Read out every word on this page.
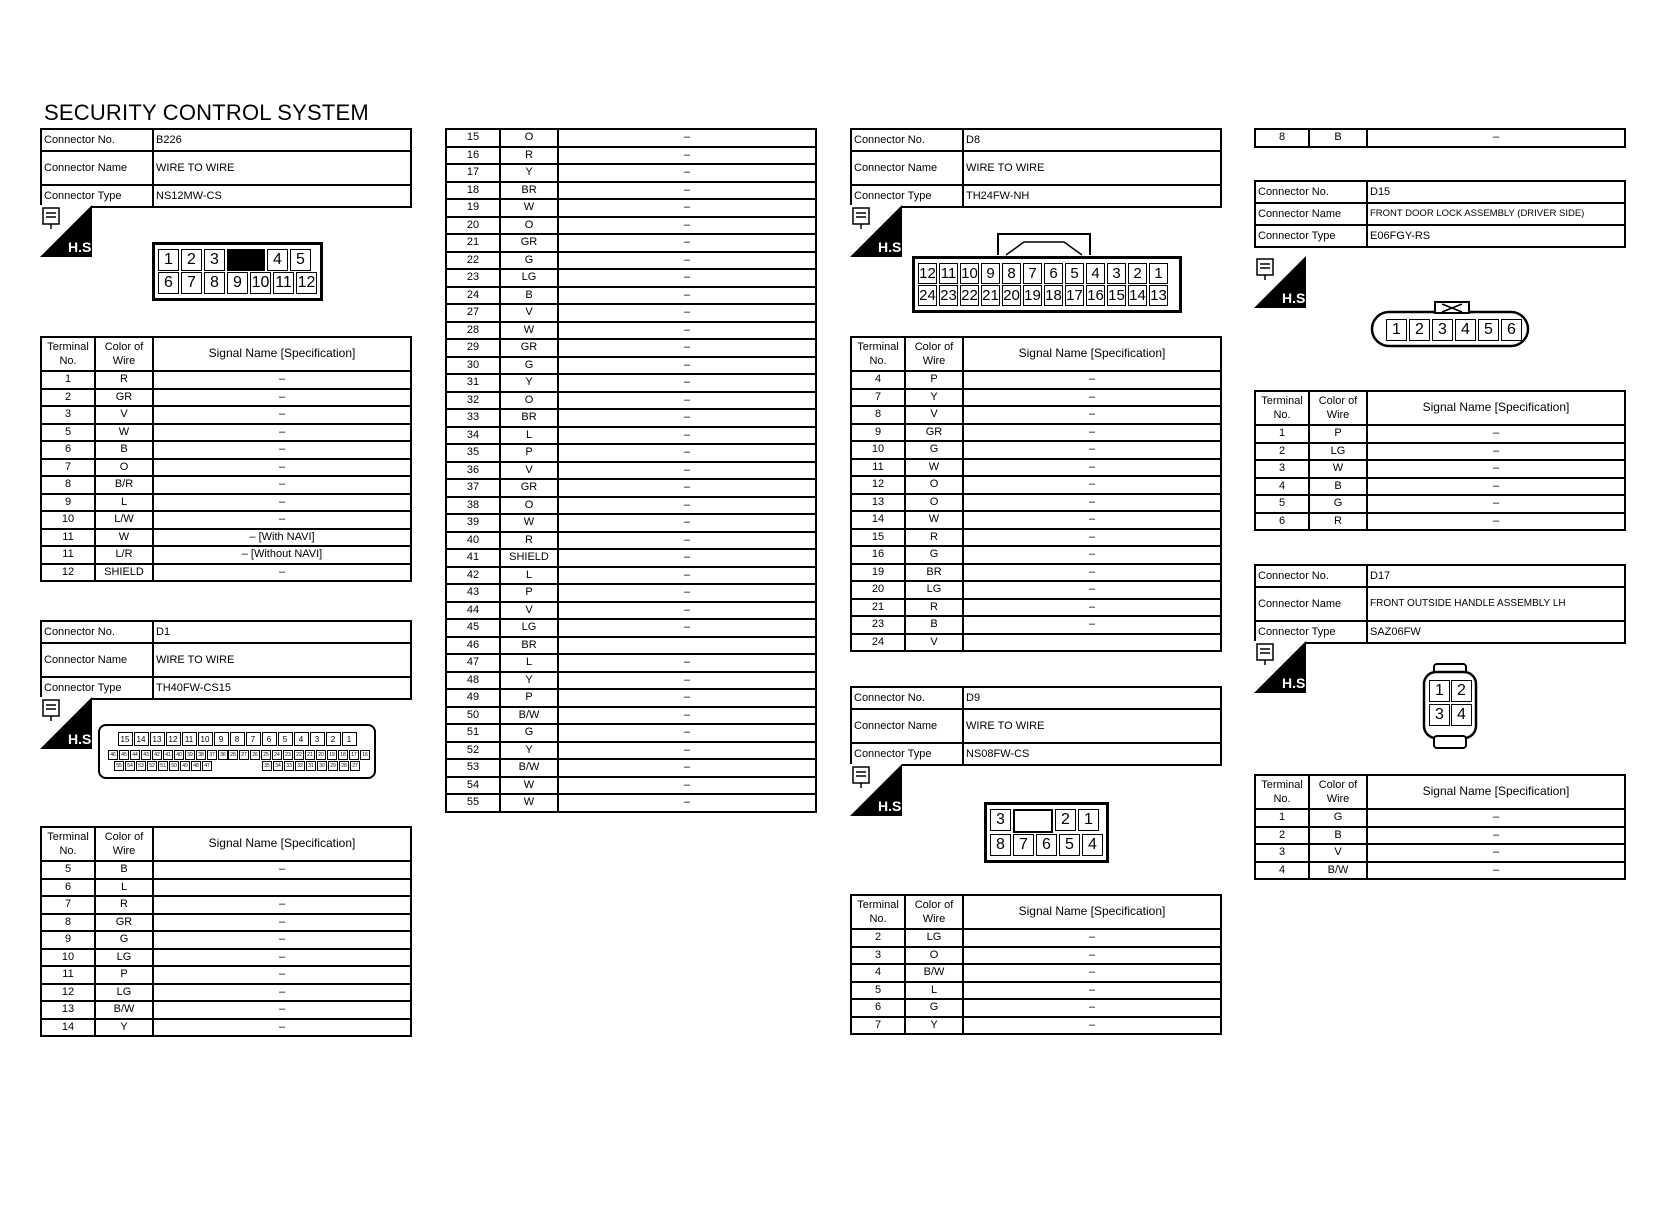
SECURITY CONTROL SYSTEM
Connector No.	B226
Connector Name	WIRE TO WIRE
Connector Type	NS12MW-CS
H.S.
1 2 3	4 5
6 7 8 9 10 11 12
Terminal No.	Color of Wire	Signal Name [Specification]
1	R	–
2	GR	–
3	V	–
5	W	–
6	B	–
7	O	–
8	B/R	–
9	L	–
10	L/W	–
11	W	– [With NAVI]
11	L/R	– [Without NAVI]
12	SHIELD	–
Connector No.	D1
Connector Name	WIRE TO WIRE
Connector Type	TH40FW-CS15
H.S.	15 14 13 12 11 10	9	8	7	6	5	4	3	2	1
46	45	44	43	42	41	40	39	38	37	36 28	27	26	25	24	23	22	21	20	19	18	17	16
55	54	53	52	51	50	49	48	47	35	34	33	32	31	30	29	28	27
Terminal No.	Color of Wire	Signal Name [Specification]
5	B	–
6	L	
7	R	–
8	GR	–
9	G	–
10	LG	–
11	P	–
12	LG	–
13	B/W	–
14	Y	–
15	O	–
16	R	–
17	Y	–
18	BR	–
19	W	–
20	O	–
21	GR	–
22	G	–
23	LG	–
24	B	–
27	V	–
28	W	–
29	GR	–
30	G	–
31	Y	–
32	O	–
33	BR	–
34	L	–
35	P	–
36	V	–
37	GR	–
38	O	–
39	W	–
40	R	–
41	SHIELD	–
42	L	–
43	P	–
44	V	–
45	LG	–
46	BR	
47	L	–
48	Y	–
49	P	–
50	B/W	–
51	G	–
52	Y	–
53	B/W	–
54	W	–
55	W	–
Connector No.	D8
Connector Name	WIRE TO WIRE
Connector Type	TH24FW-NH
H.S.
12 11 10 9 8 7 6 5 4 3 2 1
24 23 22 21 20 19 18 17 16 15 14 13
Terminal No.	Color of Wire	Signal Name [Specification]
4	P	–
7	Y	–
8	V	–
9	GR	–
10	G	–
11	W	–
12	O	–
13	O	–
14	W	–
15	R	–
16	G	–
19	BR	–
20	LG	–
21	R	–
23	B	–
24	V	
Connector No.	D9
Connector Name	WIRE TO WIRE
Connector Type	NS08FW-CS
H.S.
3	2 1
8 7 6 5 4
Terminal No.	Color of Wire	Signal Name [Specification]
2	LG	–
3	O	–
4	B/W	–
5	L	–
6	G	–
7	Y	–
8	B	–
Connector No.	D15
Connector Name	FRONT DOOR LOCK ASSEMBLY (DRIVER SIDE)
Connector Type	E06FGY-RS
H.S.
1 2 3 4 5 6
Terminal No.	Color of Wire	Signal Name [Specification]
1	P	–
2	LG	–
3	W	–
4	B	–
5	G	–
6	R	–
Connector No.	D17
Connector Name	FRONT OUTSIDE HANDLE ASSEMBLY LH
Connector Type	SAZ06FW
H.S.	1 2
3 4
Terminal No.	Color of Wire	Signal Name [Specification]
1	G	–
2	B	–
3	V	–
4	B/W	–
